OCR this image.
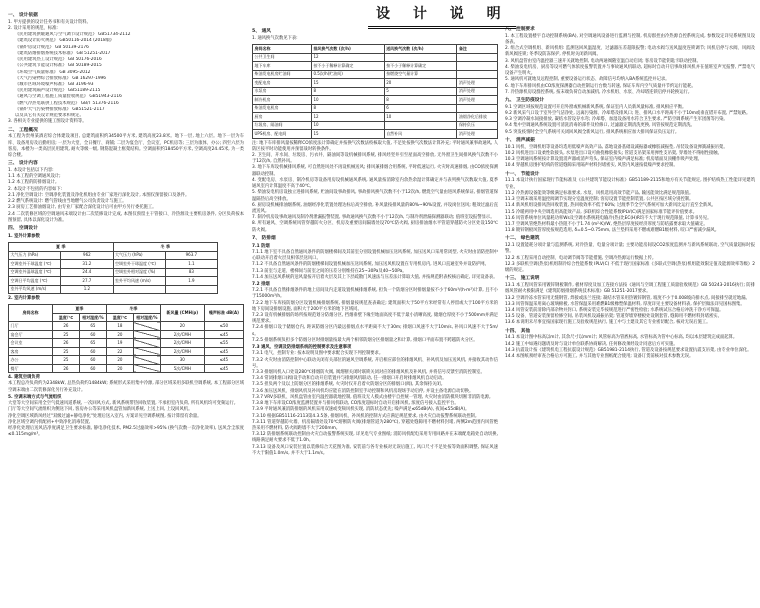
设 计 说 明
一、 设计依据
1. 甲方提供的设计任务书和有关设计资料。
2. 设计采用的规范、标准:
《民用建筑供暖通风与空气调节设计规范》 GB51734-2112
《建筑设计防火规范》 GB50116-2014 (2018版)
《锅炉房设计规范》 GB 50139-2176
《建筑防烟排烟系统技术标准》 GB 51251-2017
《民用建筑热工设计规范》 GB 50176-2016
《公共建筑节能设计标准》 GB 50189-2015
《环境空气质量标准》 GB 3095-2012
《大气污染物综合排放标准》 GB 16297-1996
《城市区域环境噪声标准》 GB 3196-93
《民用建筑隔声设计规范》 GB51189-2115
《通风与空调工程施工质量验收规范》 GB51943-2116
《燃气冷热电联供工程技术规范》 GB/T 51376-2116
《锅炉大气污染物排放标准》 GB51521-2117
以及其它有关设计规范要求和规定。
3. 各相关专业提供的施工图设计资料等。
二、 工程概况
本工程为贵州某酒店综合体建设项目, 总建筑面积约34500平方米, 建筑高度23.8米。地下一层, 地上六层。地下一层为车库、设备用房及后勤用房; 一层为大堂、全日餐厅、商铺; 二层为宴会厅、会议室、PC机房等; 三层为康体、办公; 四至六层为客房。本楼为一类高层民用建筑, 耐火等级一级, 钢筋混凝土框架结构。空调面积约18450平方米, 空调高度24.45米, 为一类综合楼。
三、 设计内容
1. 本设计包括以下内容:
1.1 本工程的空调通风设计;
1.2 本工程的防排烟设计。
2. 本设计不包括的内容如下:
2.1 净化空调设计: 空调净化装置及净化机组由专业厂家进行深化设计, 本图仅预留接口及条件。
2.2 燃气系统设计: 燃气管线由当地燃气公司负责设计与施工。
2.3 厨房工艺排油烟设计, 由专业厂家配合深化设计后可由甲方另行委托施工。
2.4 二次装修区域的空调通风末端设计由二次装修设计完成, 本图仅预留主干管接口、冷热源及主要机房条件, 分区负荷按本图预留, 具体以深化设计为准。
四、 空调设计
1. 室外计算参数
夏 季		冬 季	
大气压力 (hPa)	962	大气压力 (hPa)	963.7
空调室外干球温度 (℃)	31.2	空调室外干球温度 (℃)	1.1
空调室外湿球温度 (℃)	24.4	空调室外相对湿度 (%)	83
空调日平均温度 (℃)	27.7	室外平均风速 (m/s)	1.9
室外平均风速 (m/s)	1.2		
2. 室内计算参数
房间名称	夏季		冬季		新风量 (CMH/p)	噪声标准 dB(A)
	温度/℃	相对湿度/%	温度/℃	相对湿度/%		
门厅	26	65	18		20	≤50
宴会厅	25	60	20		2次/CMH	≤45
会议室	26	65	19		2次/CMH	≤55
客房	25	60	22		2次/CMH	≤45
办公	25	60	20		30	≤45
餐厅	26	60	20		5次/CMH	≤45
4. 建筑空调负荷
本工程总冷负荷约为2348kW, 总热负荷约1484kW; 系统形式采用集中冷源, 部分区域采用多联机空调系统, 本工程部分区域空调末端由二次装修深化另行补充设计。
5. 空调末端方式与气流组织
大堂等大空间采用全空气低速风道系统, 一次回风方式, 新风系统带热回收装置, 不承担室内负荷, 所有风机均可变频运行。
门厅等大空间气流组织为侧送下回, 客房办公等采用风机盘管加新风系统, 上送上回, 上设回风机。
净化空调区域新风经过"双级过滤+静电净化"处理后送入室内, 方案详见空调系统图, 按计算留有余量。
净化区域空调内机配初+中效净化消毒装置,
经净化处理后送风洁净度满足卫生要求标准, 静电净化技术, PM2.5过滤效率>95% (换气次数一次净化效率), 送风含尘浓度≤0.115mg/m³。
5、 通风
1. 通风换气次数见下表:
房间名称	排风换气次数 (次/h)	送风换气次数 (次/h)	备注
公共卫生间	12		
地下车库	按不小于稀释计算确定	按不小于稀释计算确定	
柴油发电机房贮油间	0.5次/h(贮油间)	按燃烧空气量计算	
变配电房	15	20	消声处理
水泵房	8	5	消声处理
制冷机房	10	8	消声处理
柴油发电机房	8	6	
厨房	12	10	油烟净化后排放
垃圾房、隔油间	10		保持负压
UPS机房、配电间	15	自然补风	消声处理
注: 地下车库排风量按稀释CO浓度法计算确定并按换气次数法校核取大值, 不足处按换气次数法计算补充; 平时通风兼事故通风, 人防区按平时功能使用并预留战时转换条件。
2. 卫生间、开水间、垃圾房、污衣井、隔油间等设机械排风系统, 排风经竖井引至屋面高空排放, 无外窗卫生间排风换气次数不小于12次/h, 自然补风。
3. 地下车库设机械排风系统, 可自然进风处不再设机械送风; 排风兼排烟合用系统, 平时低速运行, 火灾时高速排烟, 由CO浓度探测器联动控制。
4. 变配电房、水泵房、制冷机房等设备用房设机械通风系统, 通风量按消除室内余热余湿计算确定并与表列换气次数取大值, 夏季通风室内计算温度不高于40℃。
5. 柴油发电机房设独立进排风系统, 贮油间设事故排风, 事故排风换气次数不小于12次/h, 燃烧空气量由进风系统保证, 排烟管道保温隔热后高空排放。
6. 厨房设机械排油烟系统, 油烟经净化装置处理达标后高空排放, 补风量按排风量的80%~90%设置, 并设岗位送风; 粗效过滤后直流送风。
7. 制冷机房设事故通风及制冷剂泄漏报警装置, 事故通风换气次数不小于12次/h, 与制冷剂泄漏探测器联动; 值班室设报警显示。
8. 所有通风、空调系统风管穿越防火分区、机房及重要房间隔墙处设70℃防火阀, 厨房排油烟水平管道穿越防火分区处设150℃防火阀。
7、 防排烟
7.1 防烟
7.1.1 地下室不具备自然通风条件的防烟楼梯间及其前室分别设置机械加压送风系统, 加压送风口采用常闭型, 火灾时由消防控制中心联动开启着火层及相邻层送风口。
7.1.2 不具备自然通风条件的防烟楼梯间设置机械加压送风系统, 加压送风机设置在专用机房内, 进风口直通室外并设防护网。
7.1.3 前室与走道、楼梯间与前室之间的压差分别维持在25~30Pa及40~50Pa。
7.1.4 加压送风系统的送风量按开启着火层及其上下层疏散门风速法与压差法计算取大值, 并按规范附表校核后确定, 详见设备表。
7.2 排烟
7.2.1 不具备自然排烟条件的地上房间及内走道设置机械排烟系统, 担负一个防烟分区时排烟量按不小于60m³/(h·m²)计算, 且不小于15000m³/h。
7.2.2 地下车库按防烟分区设置机械排烟系统, 排烟量按规范查表确定; 建筑面积大于50平方米经常有人停留或大于100平方米的地下房间设排烟设施, 面积大于200平方米的地下区域同。
7.2.3 设有机械排烟的场所按规范划分防烟分区, 挡烟垂壁下缘至地面高度不低于最小清晰高度, 储烟仓厚度不小于500mm并满足规范要求。
7.2.4 排烟口设于储烟仓内, 距该防烟分区内最远排烟点水平距离不大于30m; 排烟口风速不大于10m/s, 补风口风速不大于5m/s。
7.2.5 排烟系统负担多个防烟分区时排烟量按最大两个相邻防烟分区排烟量之和计算, 排烟口平面布置不跨越防火分区。
7.3 通风、空调及防排烟系统的控制要求及注意事项
7.3.1 电气、控制专业: 按本说明及图中要求配合实现下列控制要求。
7.3.2 火灾时由消防控制中心联动关闭有关部位的通风空调系统, 开启相应部位的排烟风机、补风机及加压送风机, 并接收其动作信号。
7.3.3 排烟风机入口处设280℃排烟防火阀, 阀熔断关闭时联锁关闭对应的排烟风机及补风机, 并将信号反馈至消防控制室。
7.3.4 常闭排烟口(阀)设手动和自动开启装置并与排烟风机联动, 任一排烟口开启时排烟风机自动启动。
7.3.5 担负两个及以上防烟分区的排烟系统, 火灾时仅开启着火防烟分区的排烟口(阀), 其余保持关闭。
7.3.6 加压送风机、排烟风机及补风机均应能在消防控制室手动控制和风机房现场手动启停, 并设主备电源自动切换。
7.3.7 VRV多联机、风机盘管由室内温控器就地控制, 值班及无人模式由楼宇自控统一管理, 火灾时由消防模块切断非消防电源。
7.3.8 地下车库设CO浓度监测装置并与排风机联动, CO浓度超标时自动开启排风机, 浓度信号接入监控平台。
7.3.9 平时通风兼消防排烟的风机采用双速或变频风机实现, 消防状态优先; 噪声满足≤65dB(A), 夜间≤55dB(A)。
7.3.10 根据GB51116-2113第4.3.5条, 排烟风机、补风机的控制方式应满足规范要求, 由火灾自动报警系统联动控制。
7.3.11 管道穿越防火墙、机房隔墙处设70℃熔断防火阀(排烟管道为280℃), 穿越处缝隙用不燃材料封堵, 两侧2m范围内风管绝热采用不燃材料, 防火阀距墙不大于200mm。
7.3.12 防排烟系统联动控制由火灾自动报警系统实现, 详见电气专业图纸; 消防风机配电采用专用回路并在末端配电箱处自动切换, 线路满足耐火要求不低于1.0h。
7.3.13 设备及风口安装位置以装修综合天花图为准, 安装前与各专业核对无误后施工, 风口尺寸不足处按等效面积调整, 保证风速不大于限值1.0m/s, 并不大于1.1m/s。
八、 控制要求
1. 本工程设置楼宇自动控制系统(BA), 对空调通风设备进行监测与控制, 机房群控由冷热源自控系统完成, 参数设定详见系统图及设备表。
2. 组合式空调机组、新风机组: 监测送回风温湿度、过滤器压差超限报警; 电动水阀与送风温度连锁调节; 风机启停与水阀、风阀及新风阀连锁; 冬季设防冻保护, 停机时关闭新风阀。
3. 风机盘管由室内温控器三速开关就地控制, 电动两通阀随室温自动启闭; 客房设节能钥匙卡联动控制。
4. 柴油发电机房、厨房等设可燃气体浓度报警装置并与事故通风机联动, 超标时自动开启事故排风机并在值班室声光报警, 严禁电气设备产生明火。
5. 通风机可就地及远程控制, 重要设备运行状态、故障信号均纳入BA系统监控并记录。
6. 地下车库排风机由CO浓度探测器自动控制运行台数与转速, 保证车库内空气质量并节约运行能耗。
7. 冷热源机房设群控系统, 按末端负荷自动加减机, 冷水机组、水泵、冷却塔连锁启停并轮换运行。
九、 卫生防疫设计
9.1 空调区域按规范设置可开启外窗或机械新风系统, 保证室内人员新风量标准, 排风相应平衡。
9.2 新风采气口设于室外空气洁净处, 远离污染源、冷却塔及排风口; 进、排风口水平距离不小于10m或垂直错开布置, 严禁短路。
9.3 空调冷凝水间接排放, 凝结水管设存水弯; 冷却塔、加湿设备用水符合卫生要求, 严防空调系统产生军团菌等污染。
9.4 集中空调通风系统设置可清洗消毒的部件及检修口, 过滤器定期清洗更换, 风管按规范定期清洗。
9.5 突发疫情时全空气系统可关闭回风阀全新风运行, 排风系统相应加大排风保证负压运行。
十、 消声减振
10.1 风机、空调机组等设备均选用低噪声高效产品, 落地设备基础设减振器或橡胶减振垫, 吊装设备设弹簧减振吊架。
10.2 风机进出口设柔性软接头, 水泵进出口设可曲挠橡胶接头; 管道支吊架采用弹性支吊架, 穿墙处不得刚性接触。
10.3 空调通风系统按计算设置消声器或消声弯头, 保证室内噪声满足标准; 机房墙面及顶棚作吸声处理。
10.4 穿越机房围护结构的管道缝隙采用隔声材料封堵密实, 风管内风速按低噪声要求控制。
十一、 节能设计
11.1 本设计执行国家现行节能标准及《公共建筑节能设计标准》GB51189-2115和地方有关节能规定, 围护结构热工性能详见建筑专业。
11.2 冷热源设备能效等级满足标准要求, 水泵、风机选用高效节能产品, 输送能效比满足规范限值。
11.3 空调末端采用温控阀调节实现分室温度控制; 客房设置节能控制装置, 公共区按区域分别控制。
11.4 新风机组设排风热回收装置, 热回收效率不低于60%; 过渡季节全空气系统可加大新风比运行直至全新风。
11.5 冷暖两用中央空调选用高能效产品, 多联机综合性能系数IPLV(C)满足国家标准节能评价值要求。
11.6 风管系统单位风量耗功率Ws及空调水系统耗电输冷(热)比EC(H)R均不大于现行规范限值, 计算书另见。
11.7 空调风管绝热材料最小热阻不小于1.74 (m²·K)/W, 绝热层厚度按经济厚度与防结露要求取大值确定。
11.8 镀锌钢板风管厚度按规范选用, δ=0.5~0.75mm, 法兰垫料采用不燃或难燃B1级材料, 咬口严密减少漏风。
十二、 绿色建筑
12.1 设置能耗分项计量与监测系统, 对冷热量、电量分项计量; 主要功能房间设CO2浓度监测并与新风系统联动, 空气质量超标时报警。
12.2 本工程采用自动控制、电动调节阀等节能措施, 空调冷热源运行数据上传。
12.3 多联机空调(热泵)机组制冷综合性能系数 IPLV(C) 不低于现行国家标准《多联式空调(热泵)机组能效限定值及能源效率等级》2级的规定。
十三、 施工说明
13.1 本工程风管采用镀锌钢板制作, 板材厚度及加工连接方法按《通风与空调工程施工质量验收规范》GB 50243-2016执行; 防排烟风管耐火极限满足《建筑防烟排烟系统技术标准》GB 51251-2017要求。
13.2 空调冷冻水管采用无缝钢管, 焊接或法兰连接; 凝结水管采用热镀锌钢管, 坡度不小于0.008坡向排水点, 间接排至就近地漏。
13.3 风管保温采用离心玻璃棉板, 水管保温采用难燃B1级橡塑保温材料, 厚度详见主要设备材料表, 保护层做法详见国标图集。
13.4 风管安装前清除内部杂物并封口, 系统安装完毕按规范进行严密性检验; 水系统试压合格后冲洗干净方可保温。
13.5 设备、管道安装预留检修空间, 吊装风机设减振吊架; 管道穿墙穿楼板处设钢套管, 缝隙用不燃材料封堵密实。
13.6 本说明未尽事宜按国家现行施工及验收规范执行, 施工中与土建及其它专业密切配合, 核对无误后施工。
十四、 其他
14.1 本设计图中标高以m计, 其余尺寸以mm计; 风管标高为管底标高, 水管标高为管中心标高, 均以本层建筑完成面起算。
14.2 施工中如遇问题请及时与设计单位联系协商解决, 任何修改须经设计同意后方可实施。
14.3 抗震设计按《建筑机电工程抗震设计规范》GB51981-2114执行, 管道及设备按规范要求设置抗震支吊架, 由专业单位深化。
14.4 本图纸须经审查合格后方可施工, 并与其他专业图纸配合使用; 设备订货前核对技术参数无误。
